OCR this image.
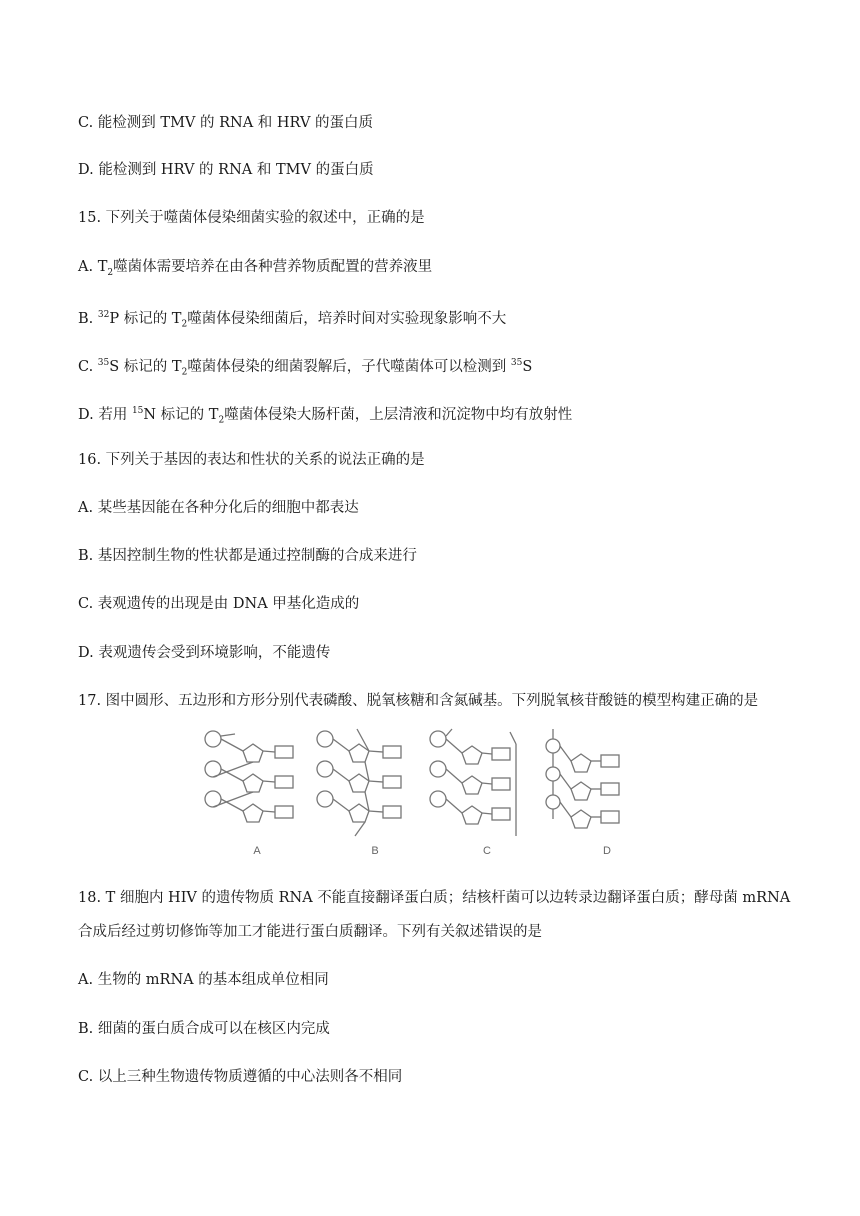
C. 能检测到 TMV 的 RNA 和 HRV 的蛋白质
D. 能检测到 HRV 的 RNA 和 TMV 的蛋白质
15. 下列关于噬菌体侵染细菌实验的叙述中，正确的是
A. $T_2$噬菌体需要培养在由各种营养物质配置的营养液里
B. $^{32}$P 标记的 $T_2$噬菌体侵染细菌后，培养时间对实验现象影响不大
C. $^{35}$S 标记的 $T_2$噬菌体侵染的细菌裂解后，子代噬菌体可以检测到 $^{35}$S
D. 若用 $^{15}$N 标记的 $T_2$噬菌体侵染大肠杆菌，上层清液和沉淀物中均有放射性
16. 下列关于基因的表达和性状的关系的说法正确的是
A. 某些基因能在各种分化后的细胞中都表达
B. 基因控制生物的性状都是通过控制酶的合成来进行
C. 表观遗传的出现是由 DNA 甲基化造成的
D. 表观遗传会受到环境影响，不能遗传
17. 图中圆形、五边形和方形分别代表磷酸、脱氧核糖和含氮碱基。下列脱氧核苷酸链的模型构建正确的是
A	B	C	D
18. T 细胞内 HIV 的遗传物质 RNA 不能直接翻译蛋白质；结核杆菌可以边转录边翻译蛋白质；酵母菌 mRNA
合成后经过剪切修饰等加工才能进行蛋白质翻译。下列有关叙述错误的是
A. 生物的 mRNA 的基本组成单位相同
B. 细菌的蛋白质合成可以在核区内完成
C. 以上三种生物遗传物质遵循的中心法则各不相同
